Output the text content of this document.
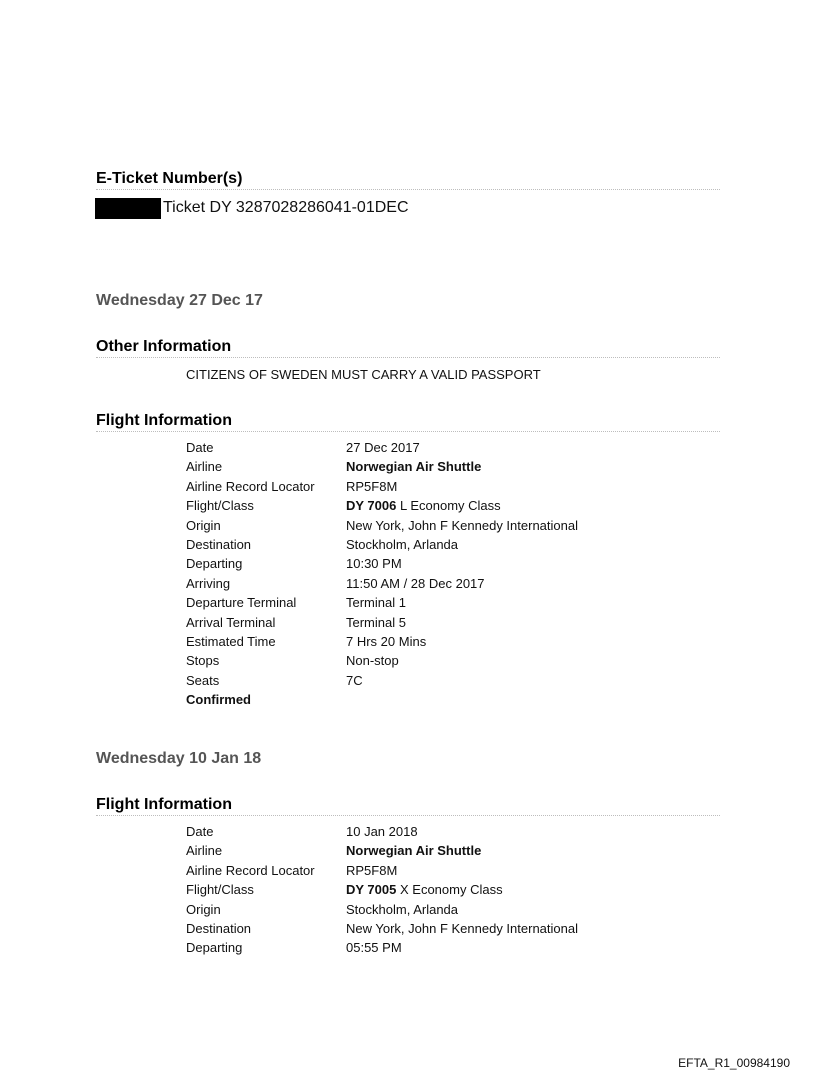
E-Ticket Number(s)
Ticket DY 3287028286041-01DEC
Wednesday 27 Dec 17
Other Information
CITIZENS OF SWEDEN MUST CARRY A VALID PASSPORT
Flight Information
Date	27 Dec 2017
Airline	Norwegian Air Shuttle
Airline Record Locator RP5F8M
Flight/Class	DY 7006 L Economy Class
Origin	New York, John F Kennedy International
Destination	Stockholm, Arlanda
Departing	10:30 PM
Arriving	11:50 AM / 28 Dec 2017
Departure Terminal	Terminal 1
Arrival Terminal	Terminal 5
Estimated Time	7 Hrs 20 Mins
Stops	Non-stop
Seats	7C
Confirmed
Wednesday 10 Jan 18
Flight Information
Date	10 Jan 2018
Airline	Norwegian Air Shuttle
Airline Record Locator RP5F8M
Flight/Class	DY 7005 X Economy Class
Origin	Stockholm, Arlanda
Destination	New York, John F Kennedy International
Departing	05:55 PM
EFTA_R1_00984190
